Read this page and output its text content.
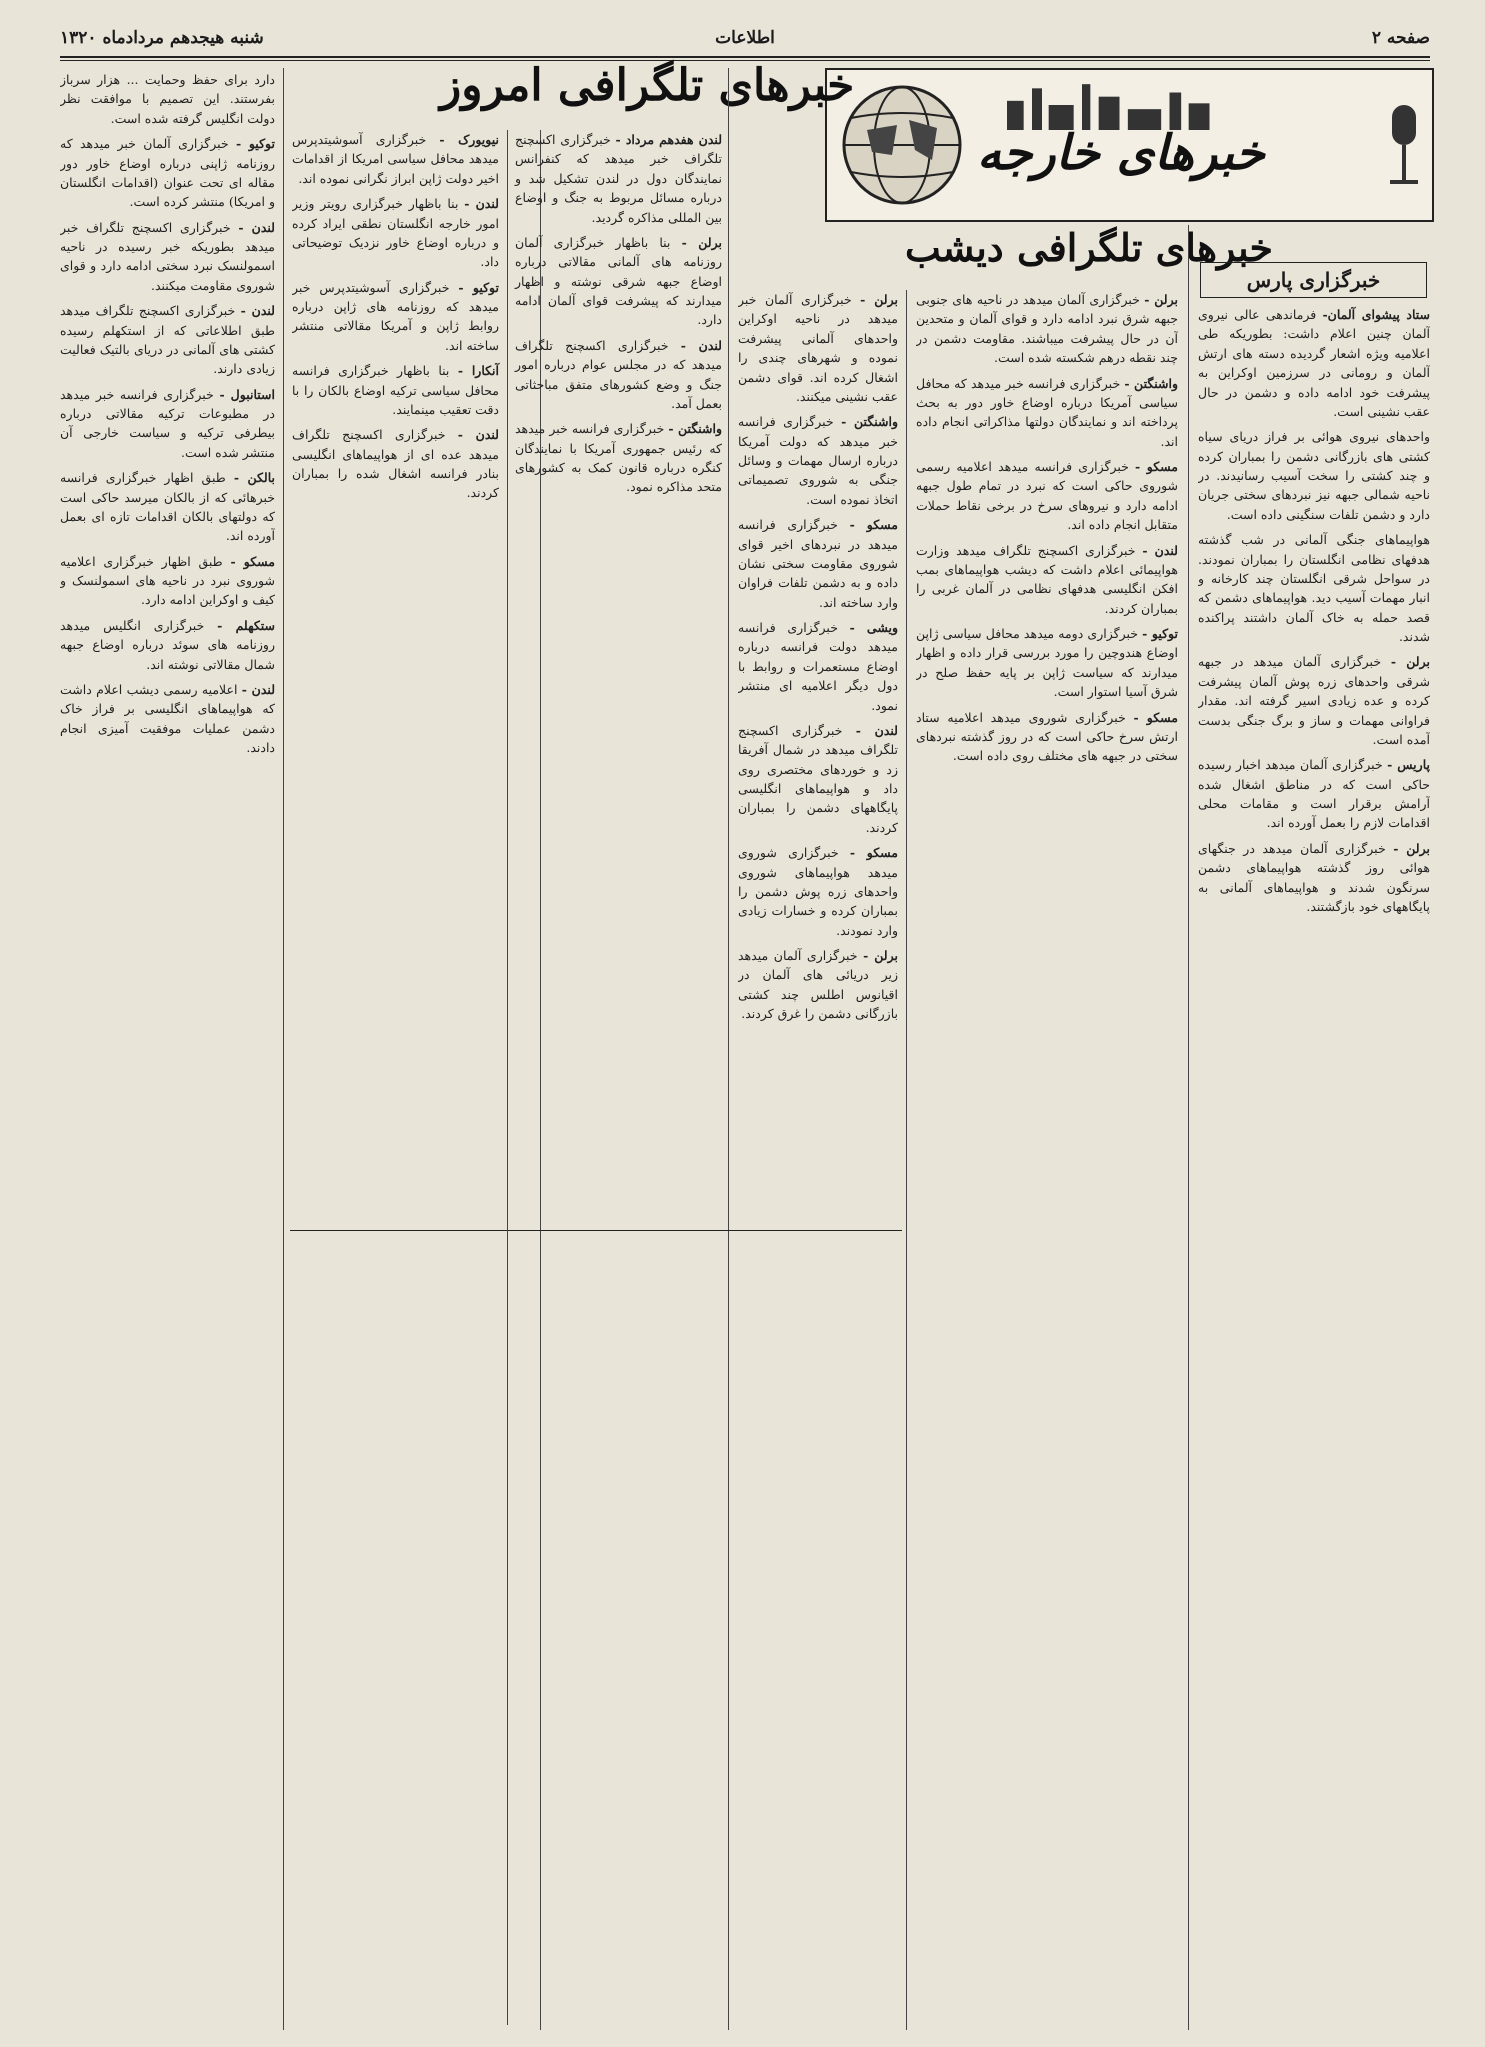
صفحه ۲
اطلاعات
شنبه هیجدهم مردادماه ۱۳۲۰
خبرهای خارجه
خبرهای تلگرافی امروز
خبرهای تلگرافی دیشب
خبرگزاری پارس

ستاد پیشوای آلمان- فرماندهی عالی نیروی آلمان چنین اعلام داشت: بطوریکه طی اعلامیه ویژه اشعار گردیده دسته های ارتش آلمان و رومانی در سرزمین اوکراین به پیشرفت خود ادامه داده و دشمن در حال عقب نشینی است.

واحدهای نیروی هوائی بر فراز دریای سیاه کشتی های بازرگانی دشمن را بمباران کرده و چند کشتی را سخت آسیب رسانیدند. در ناحیه شمالی جبهه نیز نبردهای سختی جریان دارد و دشمن تلفات سنگینی داده است.

هواپیماهای جنگی آلمانی در شب گذشته هدفهای نظامی انگلستان را بمباران نمودند. در سواحل شرقی انگلستان چند کارخانه و انبار مهمات آسیب دید. هواپیماهای دشمن که قصد حمله به خاک آلمان داشتند پراکنده شدند.

برلن - خبرگزاری آلمان میدهد در جبهه شرقی واحدهای زره پوش آلمان پیشرفت کرده و عده زیادی اسیر گرفته اند. مقدار فراوانی مهمات و ساز و برگ جنگی بدست آمده است.

پاریس - خبرگزاری آلمان میدهد اخبار رسیده حاکی است که در مناطق اشغال شده آرامش برقرار است و مقامات محلی اقدامات لازم را بعمل آورده اند.

برلن - خبرگزاری آلمان میدهد در جنگهای هوائی روز گذشته هواپیماهای دشمن سرنگون شدند و هواپیماهای آلمانی به پایگاههای خود بازگشتند.

برلن - خبرگزاری آلمان میدهد در ناحیه های جنوبی جبهه شرق نبرد ادامه دارد و قوای آلمان و متحدین آن در حال پیشرفت میباشند. مقاومت دشمن در چند نقطه درهم شکسته شده است.

واشنگتن - خبرگزاری فرانسه خبر میدهد که محافل سیاسی آمریکا درباره اوضاع خاور دور به بحث پرداخته اند و نمایندگان دولتها مذاکراتی انجام داده اند.

مسکو - خبرگزاری فرانسه میدهد اعلامیه رسمی شوروی حاکی است که نبرد در تمام طول جبهه ادامه دارد و نیروهای سرخ در برخی نقاط حملات متقابل انجام داده اند.

لندن - خبرگزاری اکسچنج تلگراف میدهد وزارت هواپیمائی اعلام داشت که دیشب هواپیماهای بمب افکن انگلیسی هدفهای نظامی در آلمان غربی را بمباران کردند.

توکیو - خبرگزاری دومه میدهد محافل سیاسی ژاپن اوضاع هندوچین را مورد بررسی قرار داده و اظهار میدارند که سیاست ژاپن بر پایه حفظ صلح در شرق آسیا استوار است.

مسکو - خبرگزاری شوروی میدهد اعلامیه ستاد ارتش سرخ حاکی است که در روز گذشته نبردهای سختی در جبهه های مختلف روی داده است.

برلن - خبرگزاری آلمان خبر میدهد در ناحیه اوکراین واحدهای آلمانی پیشرفت نموده و شهرهای چندی را اشغال کرده اند. قوای دشمن عقب نشینی میکنند.

واشنگتن - خبرگزاری فرانسه خبر میدهد که دولت آمریکا درباره ارسال مهمات و وسائل جنگی به شوروی تصمیماتی اتخاذ نموده است.

مسکو - خبرگزاری فرانسه میدهد در نبردهای اخیر قوای شوروی مقاومت سختی نشان داده و به دشمن تلفات فراوان وارد ساخته اند.

ویشی - خبرگزاری فرانسه میدهد دولت فرانسه درباره اوضاع مستعمرات و روابط با دول دیگر اعلامیه ای منتشر نمود.

لندن - خبرگزاری اکسچنج تلگراف میدهد در شمال آفریقا زد و خوردهای مختصری روی داد و هواپیماهای انگلیسی پایگاههای دشمن را بمباران کردند.

مسکو - خبرگزاری شوروی میدهد هواپیماهای شوروی واحدهای زره پوش دشمن را بمباران کرده و خسارات زیادی وارد نمودند.

برلن - خبرگزاری آلمان میدهد زیر دریائی های آلمان در اقیانوس اطلس چند کشتی بازرگانی دشمن را غرق کردند.

لندن هفدهم مرداد - خبرگزاری اکسچنج تلگراف خبر میدهد که کنفرانس نمایندگان دول در لندن تشکیل شد و درباره مسائل مربوط به جنگ و اوضاع بین المللی مذاکره گردید.

برلن - بنا باظهار خبرگزاری آلمان روزنامه های آلمانی مقالاتی درباره اوضاع جبهه شرقی نوشته و اظهار میدارند که پیشرفت قوای آلمان ادامه دارد.

لندن - خبرگزاری اکسچنج تلگراف میدهد که در مجلس عوام درباره امور جنگ و وضع کشورهای متفق مباحثاتی بعمل آمد.

واشنگتن - خبرگزاری فرانسه خبر میدهد که رئیس جمهوری آمریکا با نمایندگان کنگره درباره قانون کمک به کشورهای متحد مذاکره نمود.

نیویورک - خبرگزاری آسوشیتدپرس میدهد محافل سیاسی امریکا از اقدامات اخیر دولت ژاپن ابراز نگرانی نموده اند.

لندن - بنا باظهار خبرگزاری رویتر وزیر امور خارجه انگلستان نطقی ایراد کرده و درباره اوضاع خاور نزدیک توضیحاتی داد.

توکیو - خبرگزاری آسوشیتدپرس خبر میدهد که روزنامه های ژاپن درباره روابط ژاپن و آمریکا مقالاتی منتشر ساخته اند.

آنکارا - بنا باظهار خبرگزاری فرانسه محافل سیاسی ترکیه اوضاع بالکان را با دقت تعقیب مینمایند.

لندن - خبرگزاری اکسچنج تلگراف میدهد عده ای از هواپیماهای انگلیسی بنادر فرانسه اشغال شده را بمباران کردند.

دارد برای حفظ وحمایت ... هزار سرباز بفرستند. این تصمیم با موافقت نظر دولت انگلیس گرفته شده است.

توکیو - خبرگزاری آلمان خبر میدهد که روزنامه ژاپنی درباره اوضاع خاور دور مقاله ای تحت عنوان (اقدامات انگلستان و امریکا) منتشر کرده است.

لندن - خبرگزاری اکسچنج تلگراف خبر میدهد بطوریکه خبر رسیده در ناحیه اسمولنسک نبرد سختی ادامه دارد و قوای شوروی مقاومت میکنند.

لندن - خبرگزاری اکسچنج تلگراف میدهد طبق اطلاعاتی که از استکهلم رسیده کشتی های آلمانی در دریای بالتیک فعالیت زیادی دارند.

استانبول - خبرگزاری فرانسه خبر میدهد در مطبوعات ترکیه مقالاتی درباره بیطرفی ترکیه و سیاست خارجی آن منتشر شده است.

بالکن - طبق اظهار خبرگزاری فرانسه خبرهائی که از بالکان میرسد حاکی است که دولتهای بالکان اقدامات تازه ای بعمل آورده اند.

مسکو - طبق اظهار خبرگزاری اعلامیه شوروی نبرد در ناحیه های اسمولنسک و کیف و اوکراین ادامه دارد.

ستکهلم - خبرگزاری انگلیس میدهد روزنامه های سوئد درباره اوضاع جبهه شمال مقالاتی نوشته اند.

لندن - اعلامیه رسمی دیشب اعلام داشت که هواپیماهای انگلیسی بر فراز خاک دشمن عملیات موفقیت آمیزی انجام دادند.
